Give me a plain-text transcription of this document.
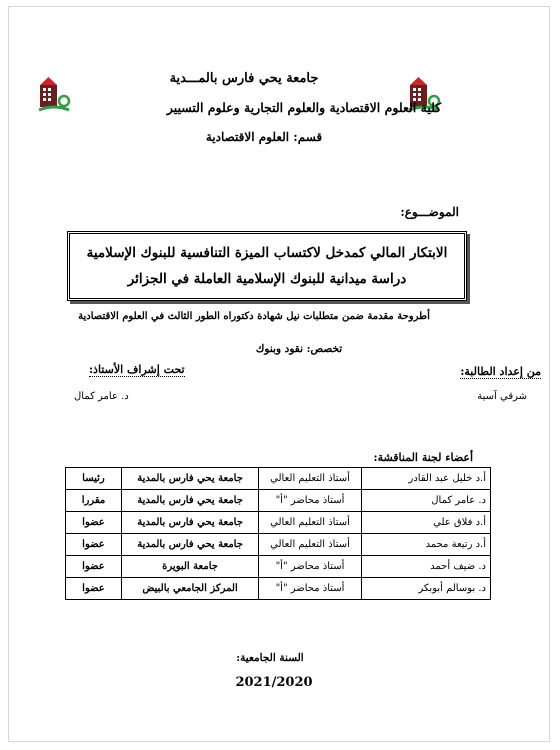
جامعة يحي فارس بالمـــدية
كلية العلوم الاقتصادية والعلوم التجارية وعلوم التسيير
قسم: العلوم الاقتصادية
الموضـــوع:
الابتكار المالي كمدخل لاكتساب الميزة التنافسية للبنوك الإسلامية
دراسة ميدانية للبنوك الإسلامية العاملة في الجزائر
أطروحة مقدمة ضمن متطلبات نيل شهادة دكتوراه الطور الثالث في العلوم الاقتصادية
تخصص: نقود وبنوك
من إعداد الطالبة:
تحت إشراف الأستاذ:
شرقي آسية
د. عامر كمال
أعضاء لجنة المناقشة:
أ.د خليل عبد القادر	أستاذ التعليم العالي	جامعة يحي فارس بالمدية	رئيسا
د. عامر كمال	أستاذ محاضر "أ"	جامعة يحي فارس بالمدية	مقررا
أ.د فلاق علي	أستاذ التعليم العالي	جامعة يحي فارس بالمدية	عضوا
أ.د رتيعة محمد	أستاذ التعليم العالي	جامعة يحي فارس بالمدية	عضوا
د. ضيف أحمد	أستاذ محاضر "أ"	جامعة البويرة	عضوا
د. بوسالم أبوبكر	أستاذ محاضر "أ"	المركز الجامعي بالبيض	عضوا
السنة الجامعية:
2021/2020
